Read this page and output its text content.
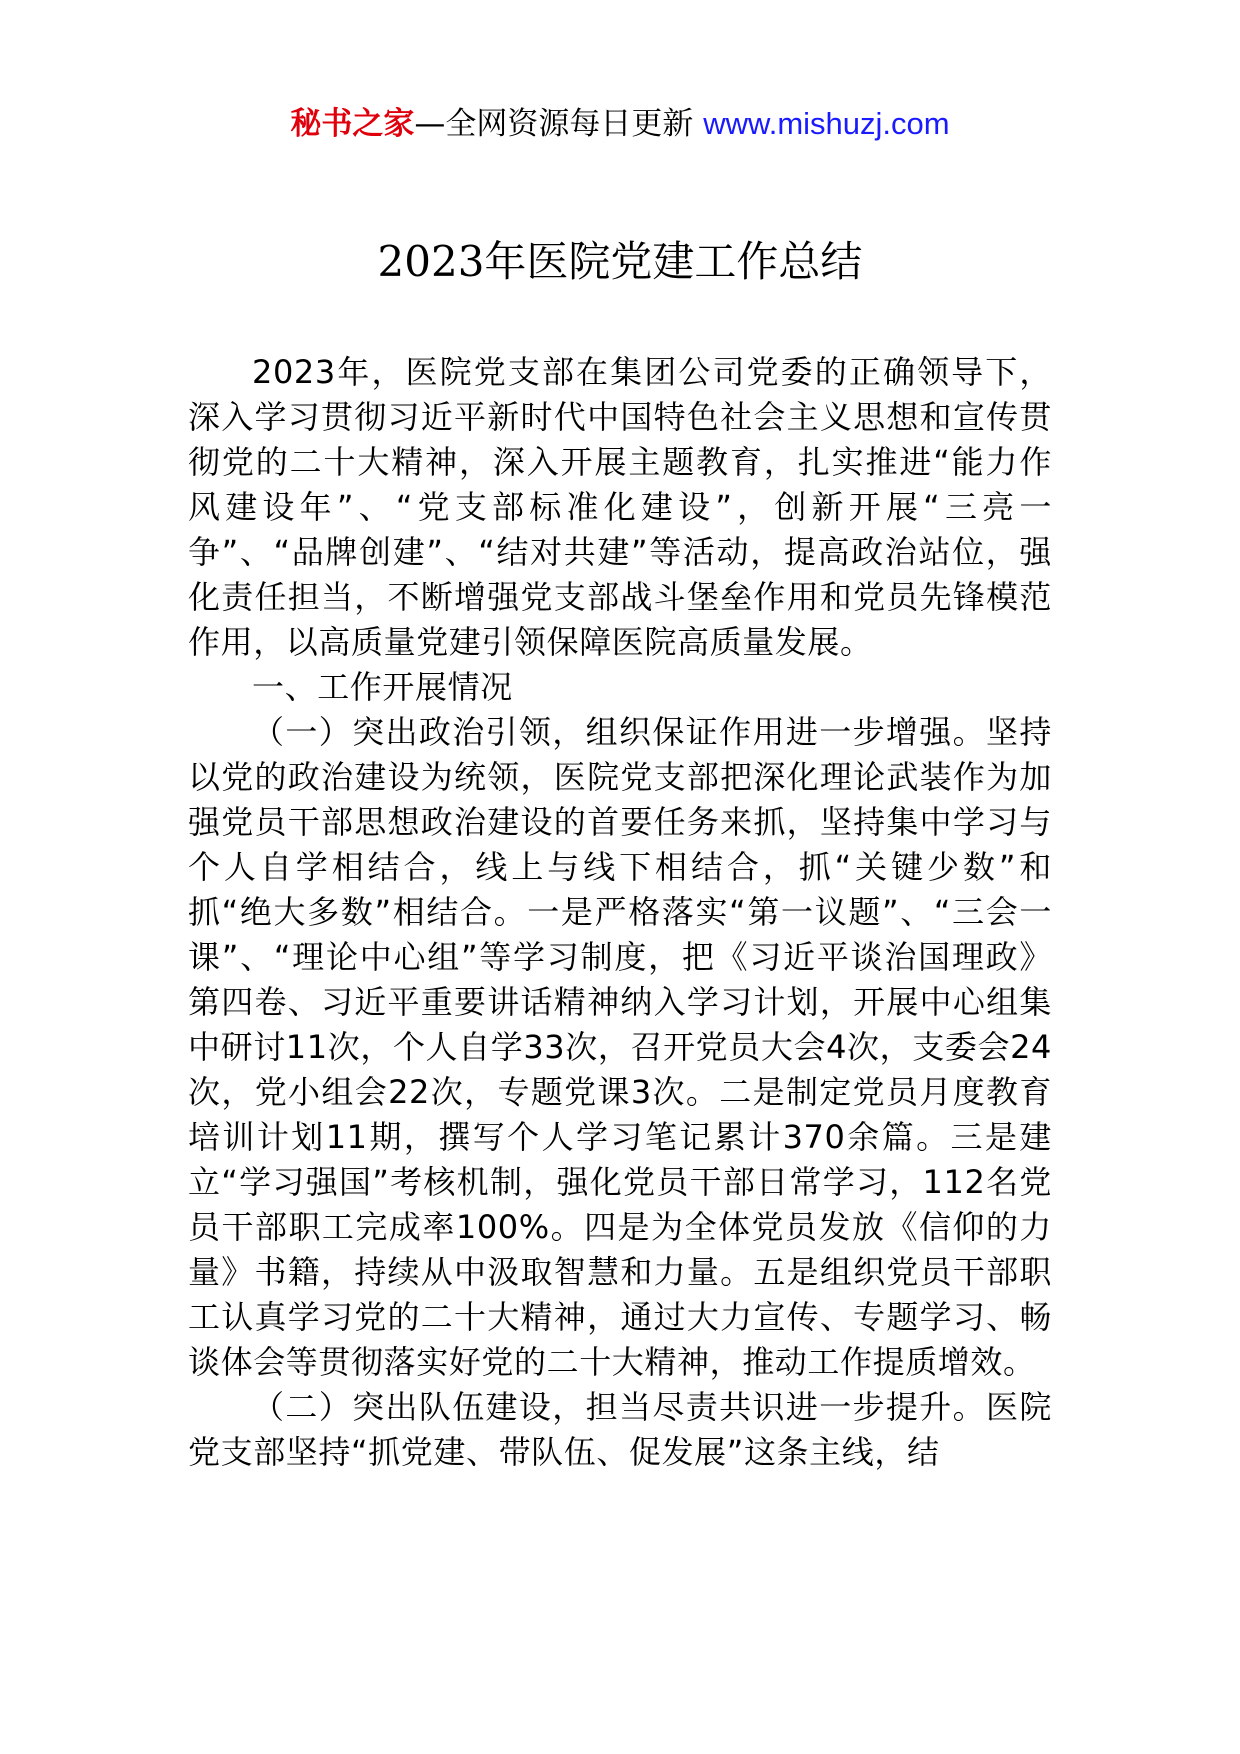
秘书之家—全网资源每日更新 www.mishuzj.com
2023年医院党建工作总结

2023年，医院党支部在集团公司党委的正确领导下，深入学习贯彻习近平新时代中国特色社会主义思想和宣传贯彻党的二十大精神，深入开展主题教育，扎实推进“能力作风建设年”、“党支部标准化建设”，创新开展“三亮一争”、“品牌创建”、“结对共建”等活动，提高政治站位，强化责任担当，不断增强党支部战斗堡垒作用和党员先锋模范作用，以高质量党建引领保障医院高质量发展。

一、工作开展情况

（一）突出政治引领，组织保证作用进一步增强。坚持以党的政治建设为统领，医院党支部把深化理论武装作为加强党员干部思想政治建设的首要任务来抓，坚持集中学习与个人自学相结合，线上与线下相结合，抓“关键少数”和抓“绝大多数”相结合。一是严格落实“第一议题”、“三会一课”、“理论中心组”等学习制度，把《习近平谈治国理政》第四卷、习近平重要讲话精神纳入学习计划，开展中心组集中研讨11次，个人自学33次，召开党员大会4次，支委会24次，党小组会22次，专题党课3次。二是制定党员月度教育培训计划11期，撰写个人学习笔记累计370余篇。三是建立“学习强国”考核机制，强化党员干部日常学习，112名党员干部职工完成率100%。四是为全体党员发放《信仰的力量》书籍，持续从中汲取智慧和力量。五是组织党员干部职工认真学习党的二十大精神，通过大力宣传、专题学习、畅谈体会等贯彻落实好党的二十大精神，推动工作提质增效。

（二）突出队伍建设，担当尽责共识进一步提升。医院党支部坚持“抓党建、带队伍、促发展”这条主线，结
